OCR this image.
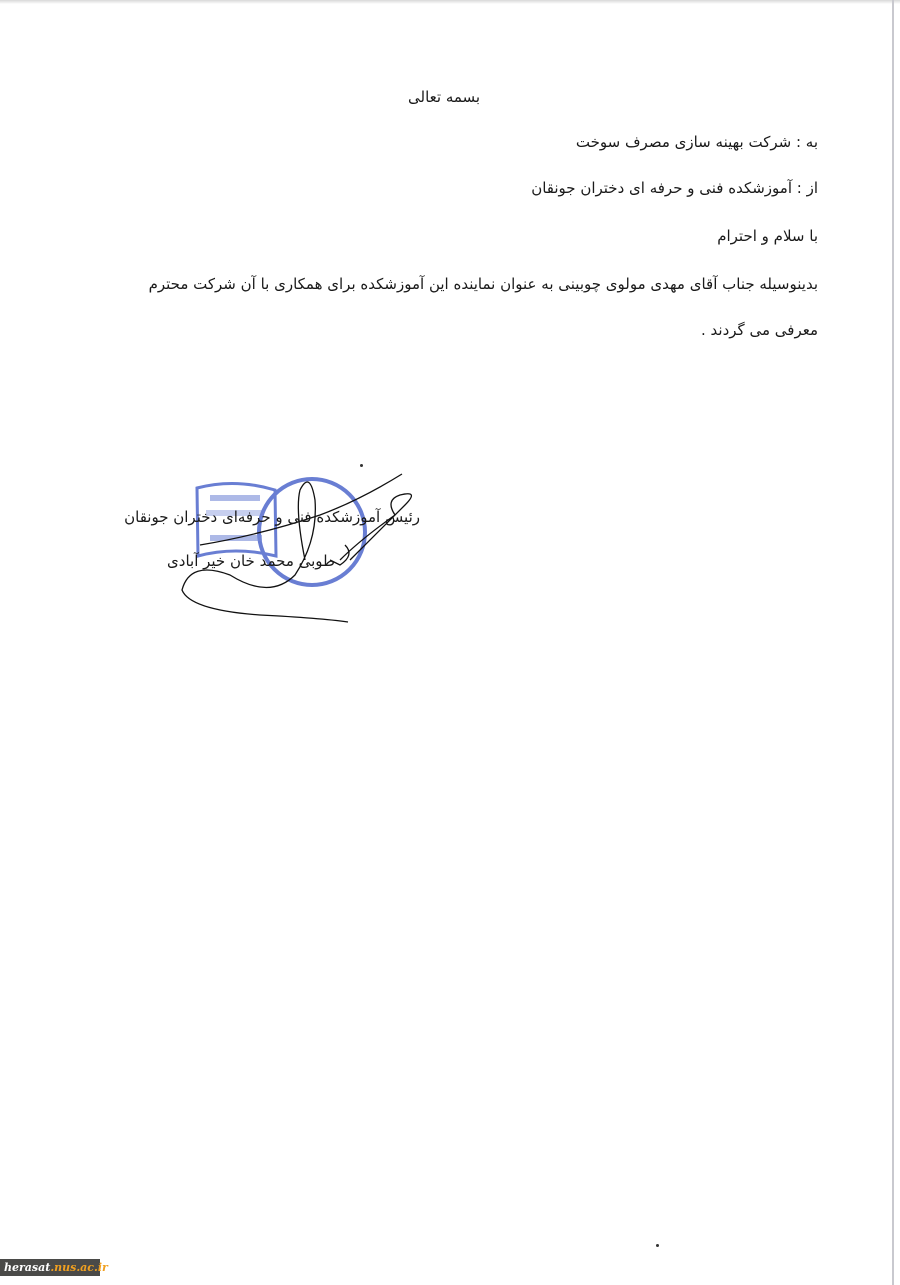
بسمه تعالی
به : شرکت بهینه سازی مصرف سوخت
از : آموزشکده فنی و حرفه ای دختران جونقان
با سلام و احترام
بدینوسیله جناب آقای مهدی مولوی چوبینی به عنوان نماینده این آموزشکده برای همکاری با آن شرکت محترم
معرفی می گردند .
رئیس آموزشکده فنی و حرفه‌ای دختران جونقان
طوبی محمد خان خیر آبادی
herasat.nus.ac.ir
